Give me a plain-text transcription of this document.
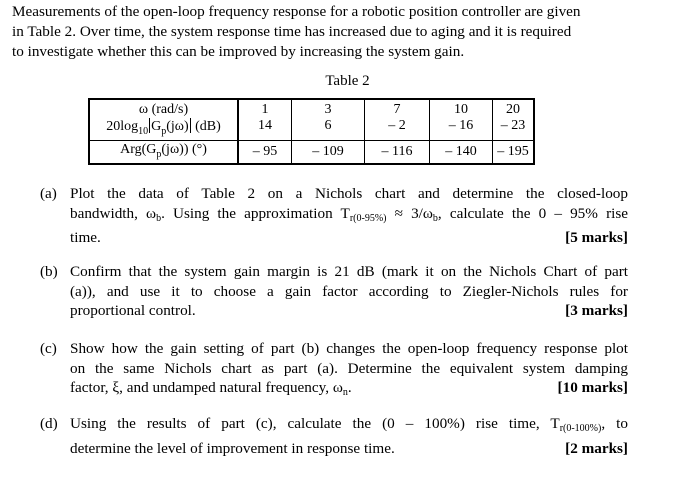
Measurements of the open-loop frequency response for a robotic position controller are given
in Table 2. Over time, the system response time has increased due to aging and it is required
to investigate whether this can be improved by increasing the system gain.
Table 2
ω (rad/s)	1	3	7	10	20
$20\log_{10}$ $G_p(j\omega)$ (dB)	14	6	– 2	– 16	– 23
$Arg(G_p(j\omega))$ (°)	– 95	– 109	– 116	– 140	– 195
(a) Plot the data of Table 2 on a Nichols chart and determine the closed-loop
bandwidth, $\omega_b$. Using the approximation $T_{r(0-95\%)} \approx 3/\omega_b$, calculate the 0 – 95% rise
time.	[5 marks]
(b) Confirm that the system gain margin is 21 dB (mark it on the Nichols Chart of part
(a)), and use it to choose a gain factor according to Ziegler-Nichols rules for
proportional control.	[3 marks]
(c) Show how the gain setting of part (b) changes the open-loop frequency response plot
on the same Nichols chart as part (a). Determine the equivalent system damping
factor, ξ, and undamped natural frequency, $\omega_n$.	[10 marks]
(d) Using the results of part (c), calculate the (0 – 100%) rise time, $T_{r(0-100\%)}$, to
determine the level of improvement in response time.	[2 marks]
